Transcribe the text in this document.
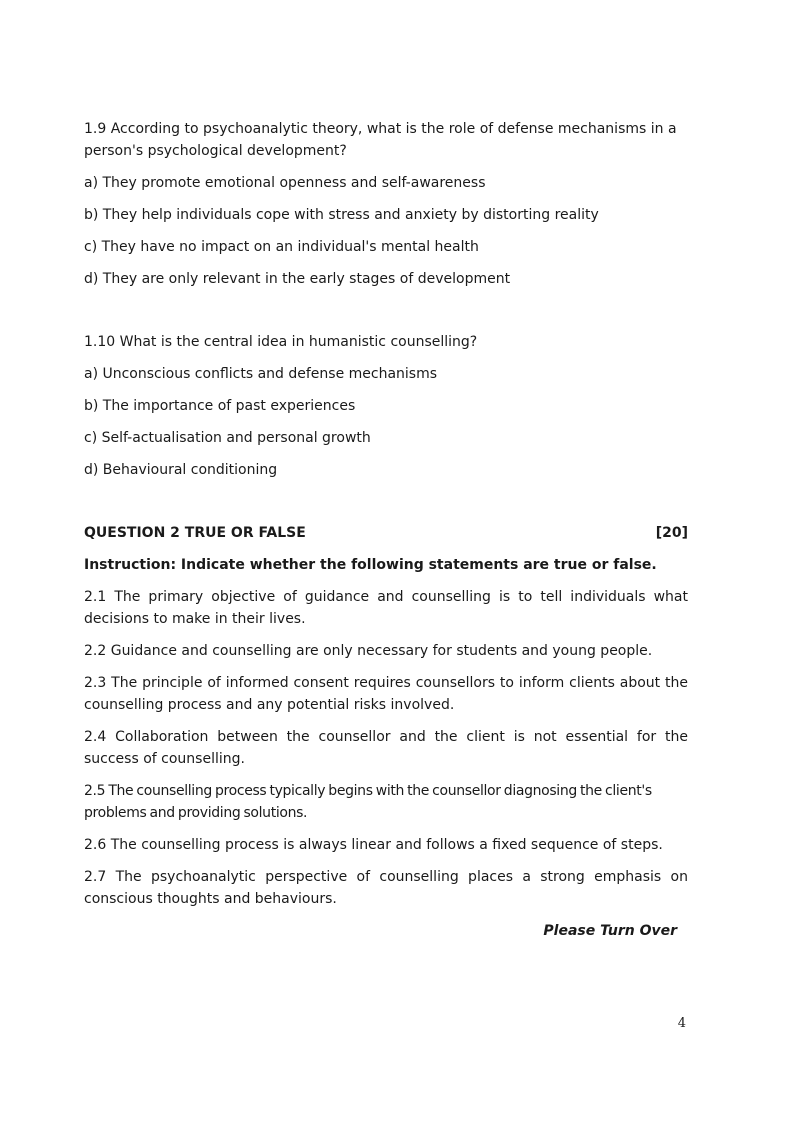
1.9 According to psychoanalytic theory, what is the role of defense mechanisms in a person's psychological development?

a) They promote emotional openness and self-awareness

b) They help individuals cope with stress and anxiety by distorting reality

c) They have no impact on an individual's mental health

d) They are only relevant in the early stages of development

1.10 What is the central idea in humanistic counselling?

a) Unconscious conflicts and defense mechanisms

b) The importance of past experiences

c) Self-actualisation and personal growth

d) Behavioural conditioning

QUESTION 2 TRUE OR FALSE	[20]

Instruction: Indicate whether the following statements are true or false.

2.1 The primary objective of guidance and counselling is to tell individuals what decisions to make in their lives.

2.2 Guidance and counselling are only necessary for students and young people.

2.3 The principle of informed consent requires counsellors to inform clients about the counselling process and any potential risks involved.

2.4 Collaboration between the counsellor and the client is not essential for the success of counselling.

2.5 The counselling process typically begins with the counsellor diagnosing the client's problems and providing solutions.

2.6 The counselling process is always linear and follows a fixed sequence of steps.

2.7 The psychoanalytic perspective of counselling places a strong emphasis on conscious thoughts and behaviours.

Please Turn Over

4
